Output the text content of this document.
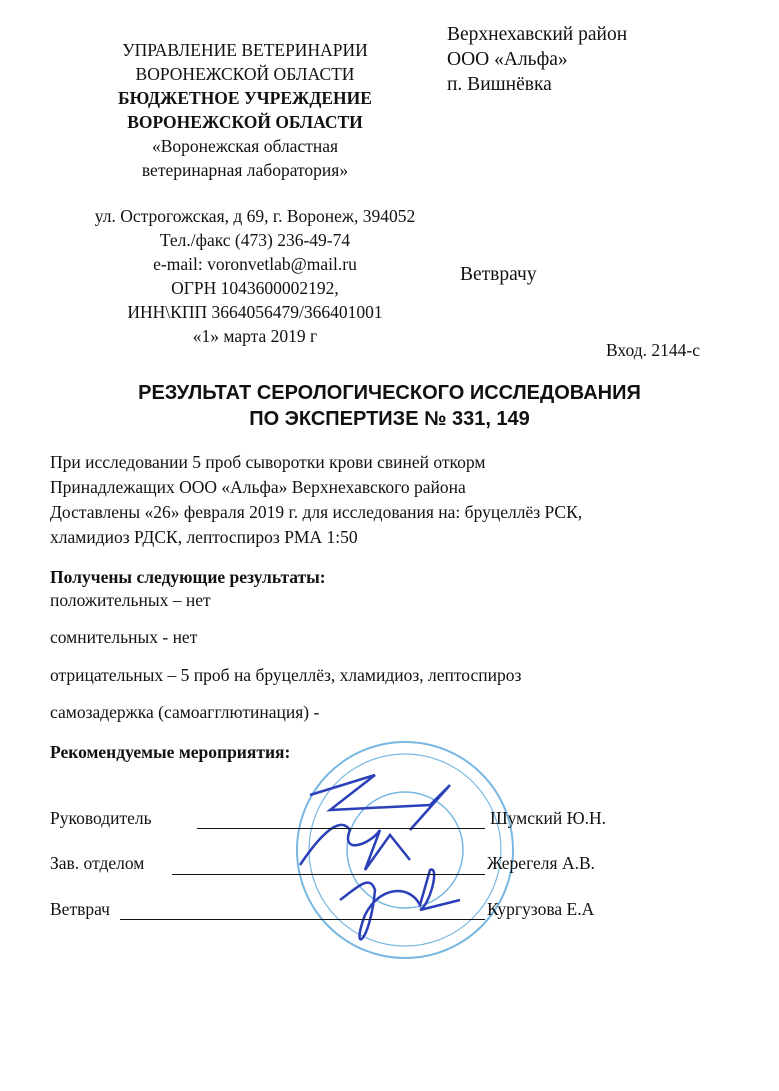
УПРАВЛЕНИЕ ВЕТЕРИНАРИИ
ВОРОНЕЖСКОЙ ОБЛАСТИ
БЮДЖЕТНОЕ УЧРЕЖДЕНИЕ
ВОРОНЕЖСКОЙ ОБЛАСТИ
«Воронежская областная
ветеринарная лаборатория»
ул. Острогожская, д 69, г. Воронеж, 394052
Тел./факс (473) 236-49-74
e-mail: voronvetlab@mail.ru
ОГРН 1043600002192,
ИНН\КПП 3664056479/366401001
«1» марта 2019 г
Верхнехавский район
ООО «Альфа»
п. Вишнёвка
Ветврачу
Вход. 2144-с
РЕЗУЛЬТАТ СЕРОЛОГИЧЕСКОГО ИССЛЕДОВАНИЯ
ПО ЭКСПЕРТИЗЕ № 331, 149
При исследовании 5 проб сыворотки крови свиней откорм
Принадлежащих ООО «Альфа» Верхнехавского района
Доставлены «26» февраля 2019 г. для исследования на: бруцеллёз РСК,
хламидиоз РДСК, лептоспироз РМА 1:50
Получены следующие результаты:
положительных – нет
сомнительных - нет
отрицательных – 5 проб на бруцеллёз, хламидиоз, лептоспироз
самозадержка (самоагглютинация) -
Рекомендуемые мероприятия:
Руководитель	Шумский Ю.Н.
Зав. отделом	Жерегеля А.В.
Ветврач	Кургузова Е.А
